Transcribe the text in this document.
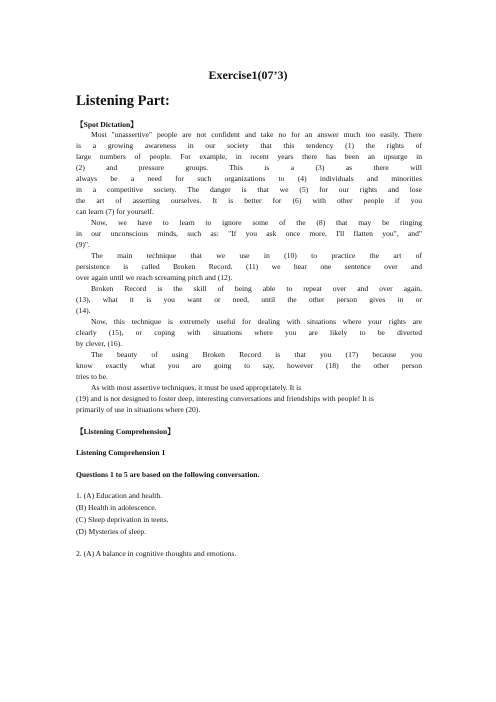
Exercise1(07’3)
Listening Part:
【Spot Dictation】
Most "unassertive" people are not confident and take no for an answer much too easily. There
is a growing awareness in our society that this tendency (1) the rights of
large numbers of people. For example, in recent years there has been an upsurge in
(2) and pressure groups. This is a (3) as there will
always be a need for such organizations to (4) individuals and minorities
in a competitive society. The danger is that we (5) for our rights and lose
the art of asserting ourselves. It is better for (6) with other people if you
can learn (7) for yourself.
Now, we have to learn to ignore some of the (8) that may be ringing
in our unconscious minds, such as: "If you ask once more, I'll flatten you", and"
(9)".
The main technique that we use in (10) to practice the art of
persistence is called Broken Record. (11) we hear one sentence over and
over again until we reach screaming pitch and (12).
Broken Record is the skill of being able to repeat over and over again,
(13), what it is you want or need, until the other person gives in or
(14).
Now, this technique is extremely useful for dealing with situations where your rights are
clearly (15), or coping with situations where you are likely to be diverted
by clever, (16).
The beauty of using Broken Record is that you (17) because you
know exactly what you are going to say, however (18) the other person
tries to be.
As with most assertive techniques, it must be used appropriately. It is
(19) and is not designed to foster deep, interesting conversations and friendships with people! It is
primarily of use in situations where (20).
【Listening Comprehension】
Listening Comprehension 1
Questions 1 to 5 are based on the following conversation.
1. (A) Education and health.
(B) Health in adolescence.
(C) Sleep deprivation in teens.
(D) Mysteries of sleep.
2. (A) A balance in cognitive thoughts and emotions.
